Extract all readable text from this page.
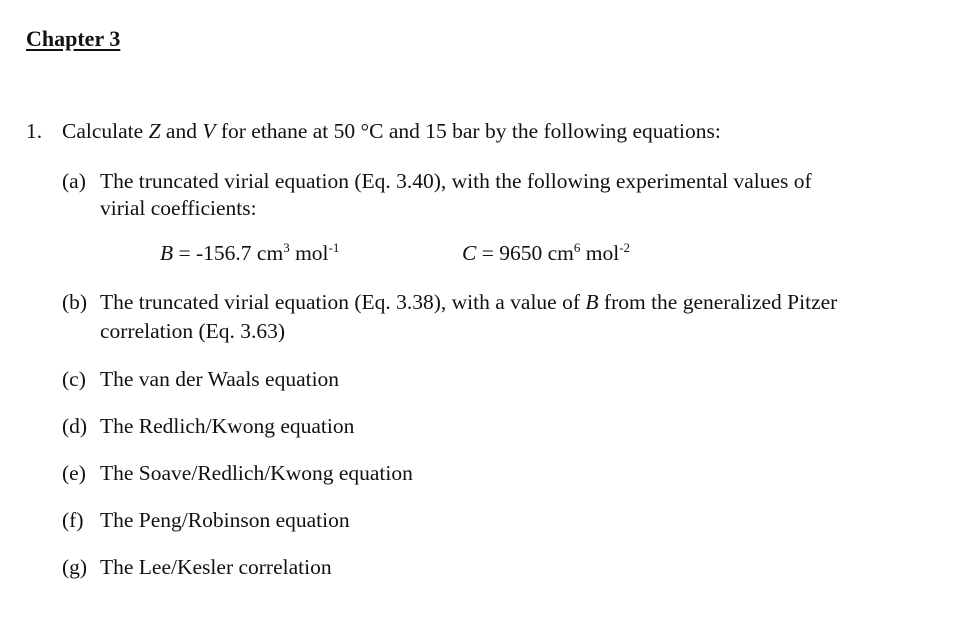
Chapter 3
1. Calculate Z and V for ethane at 50 °C and 15 bar by the following equations:
(a) The truncated virial equation (Eq. 3.40), with the following experimental values of
virial coefficients:
B = -156.7 $cm^3$ mol$^{-1}$	C = 9650 $cm^6$ mol$^{-2}$
(b) The truncated virial equation (Eq. 3.38), with a value of B from the generalized Pitzer
correlation (Eq. 3.63)
(c) The van der Waals equation
(d) The Redlich/Kwong equation
(e) The Soave/Redlich/Kwong equation
(f) The Peng/Robinson equation
(g) The Lee/Kesler correlation
